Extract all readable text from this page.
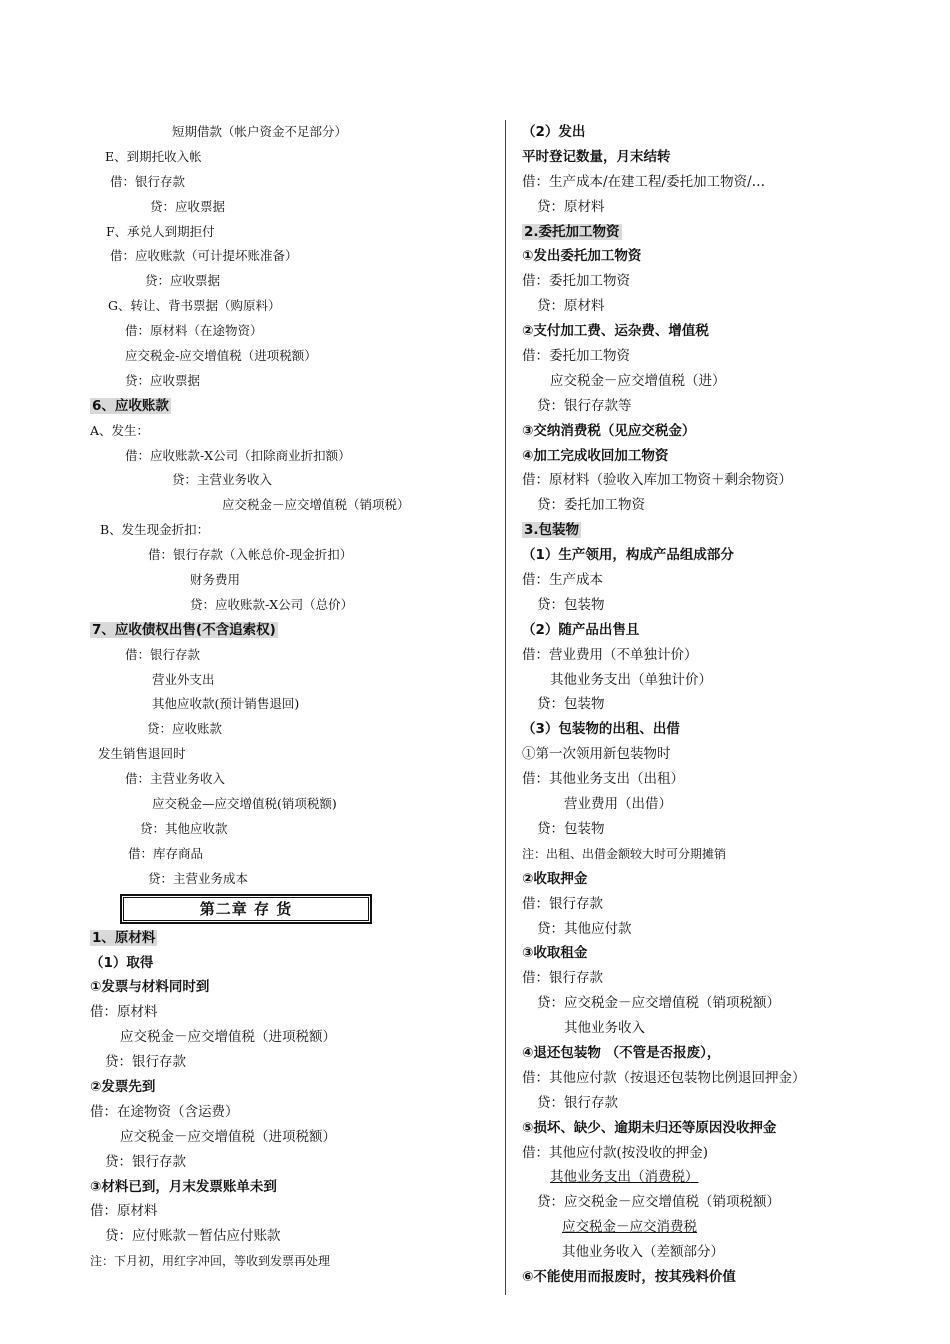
短期借款（帐户资金不足部分）
E、到期托收入帐
借：银行存款
贷：应收票据
F、承兑人到期拒付
借：应收账款（可计提坏账准备）
贷：应收票据
G、转让、背书票据（购原料）
借：原材料（在途物资）
应交税金-应交增值税（进项税额）
贷：应收票据
6、应收账款
A、发生：
借：应收账款-X公司（扣除商业折扣额）
贷：主营业务收入
应交税金－应交增值税（销项税）
B、发生现金折扣：
借：银行存款（入帐总价-现金折扣）
财务费用
贷：应收账款-X公司（总价）
7、应收债权出售(不含追索权)
借：银行存款
营业外支出
其他应收款(预计销售退回)
贷：应收账款
发生销售退回时
借：主营业务收入
应交税金—应交增值税(销项税额)
贷：其他应收款
借：库存商品
贷：主营业务成本
第二章 存 货
1、原材料
（1）取得
①发票与材料同时到
借：原材料
应交税金－应交增值税（进项税额）
贷：银行存款
②发票先到
借：在途物资（含运费）
应交税金－应交增值税（进项税额）
贷：银行存款
③材料已到，月末发票账单未到
借：原材料
贷：应付账款－暂估应付账款
注：下月初，用红字冲回，等收到发票再处理
（2）发出
平时登记数量，月末结转
借：生产成本/在建工程/委托加工物资/…
贷：原材料
2.委托加工物资
①发出委托加工物资
借：委托加工物资
贷：原材料
②支付加工费、运杂费、增值税
借：委托加工物资
应交税金－应交增值税（进）
贷：银行存款等
③交纳消费税（见应交税金）
④加工完成收回加工物资
借：原材料（验收入库加工物资＋剩余物资）
贷：委托加工物资
3.包装物
（1）生产领用，构成产品组成部分
借：生产成本
贷：包装物
（2）随产品出售且
借：营业费用（不单独计价）
其他业务支出（单独计价）
贷：包装物
（3）包装物的出租、出借
①第一次领用新包装物时
借：其他业务支出（出租）
营业费用（出借）
贷：包装物
注：出租、出借金额较大时可分期摊销
②收取押金
借：银行存款
贷：其他应付款
③收取租金
借：银行存款
贷：应交税金－应交增值税（销项税额）
其他业务收入
④退还包装物 （不管是否报废），
借：其他应付款（按退还包装物比例退回押金）
贷：银行存款
⑤损坏、缺少、逾期未归还等原因没收押金
借：其他应付款(按没收的押金)
其他业务支出（消费税）
贷：应交税金－应交增值税（销项税额）
应交税金－应交消费税
其他业务收入（差额部分）
⑥不能使用而报废时，按其残料价值
